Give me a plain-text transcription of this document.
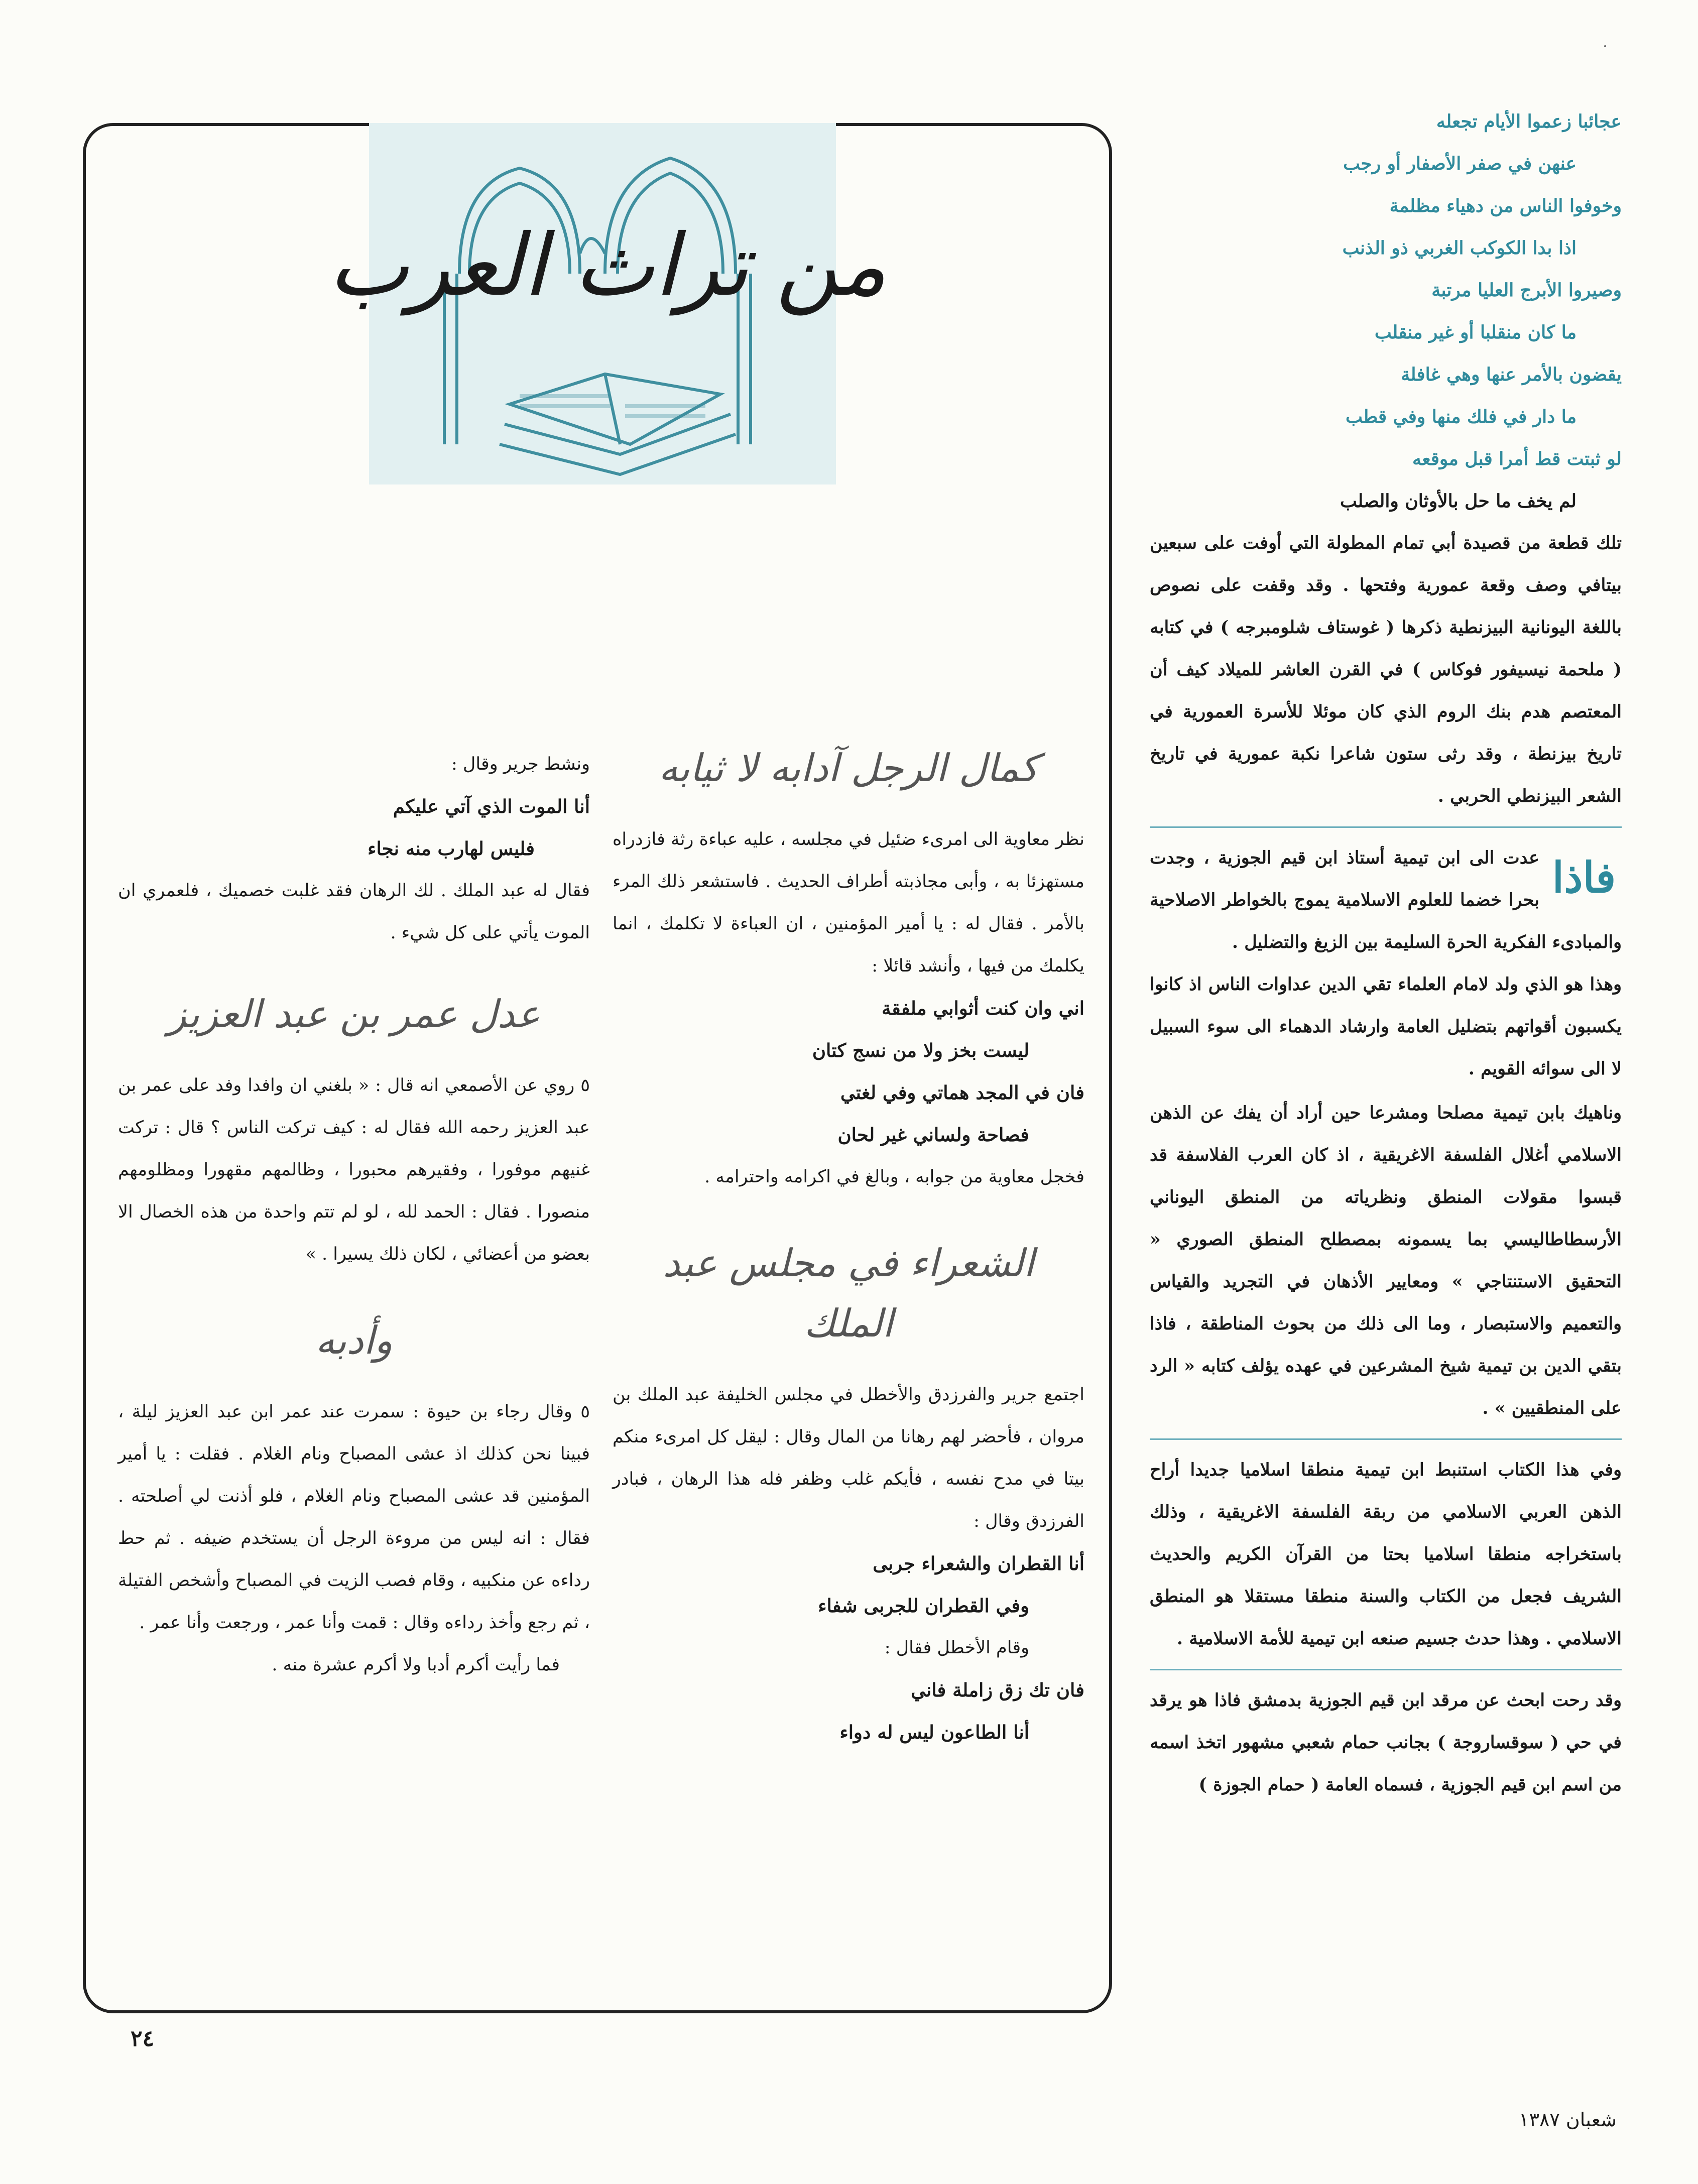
عجائبا زعموا الأيام تجعله
عنهن في صفر الأصفار أو رجب
وخوفوا الناس من دهياء مظلمة
اذا بدا الكوكب الغربي ذو الذنب
وصيروا الأبرج العليا مرتبة
ما كان منقلبا أو غير منقلب
يقضون بالأمر عنها وهي غافلة
ما دار في فلك منها وفي قطب
لو ثبتت قط أمرا قبل موقعه
لم يخف ما حل بالأوثان والصلب

تلك قطعة من قصيدة أبي تمام المطولة التي أوفت على سبعين بيتافي وصف وقعة عمورية وفتحها . وقد وقفت على نصوص باللغة اليونانية البيزنطية ذكرها ( غوستاف شلومبرجه ) في كتابه ( ملحمة نيسيفور فوكاس ) في القرن العاشر للميلاد كيف أن المعتصم هدم بنك الروم الذي كان موئلا للأسرة العمورية في تاريخ بيزنطة ، وقد رثى ستون شاعرا نكبة عمورية في تاريخ الشعر البيزنطي الحربي .

فاذا

عدت الى ابن تيمية أستاذ ابن قيم الجوزية ، وجدت بحرا خضما للعلوم الاسلامية يموج بالخواطر الاصلاحية والمبادىء الفكرية الحرة السليمة بين الزيغ والتضليل .

وهذا هو الذي ولد لامام العلماء تقي الدين عداوات الناس اذ كانوا يكسبون أقواتهم بتضليل العامة وارشاد الدهماء الى سوء السبيل لا الى سوائه القويم .

وناهيك بابن تيمية مصلحا ومشرعا حين أراد أن يفك عن الذهن الاسلامي أغلال الفلسفة الاغريقية ، اذ كان العرب الفلاسفة قد قبسوا مقولات المنطق ونظرياته من المنطق اليوناني الأرسطاطاليسي بما يسمونه بمصطلح المنطق الصوري « التحقيق الاستنتاجي » ومعايير الأذهان في التجريد والقياس والتعميم والاستبصار ، وما الى ذلك من بحوث المناطقة ، فاذا بتقي الدين بن تيمية شيخ المشرعين في عهده يؤلف كتابه « الرد على المنطقيين » .

وفي هذا الكتاب استنبط ابن تيمية منطقا اسلاميا جديدا أراح الذهن العربي الاسلامي من ربقة الفلسفة الاغريقية ، وذلك باستخراجه منطقا اسلاميا بحتا من القرآن الكريم والحديث الشريف فجعل من الكتاب والسنة منطقا مستقلا هو المنطق الاسلامي . وهذا حدث جسيم صنعه ابن تيمية للأمة الاسلامية .

وقد رحت ابحث عن مرقد ابن قيم الجوزية بدمشق فاذا هو يرقد في حي ( سوقساروجة ) بجانب حمام شعبي مشهور اتخذ اسمه من اسم ابن قيم الجوزية ، فسماه العامة ( حمام الجوزة )

من تراث العرب
كمال الرجل آدابه لا ثيابه

نظر معاوية الى امرىء ضئيل في مجلسه ، عليه عباءة رثة فازدراه مستهزئا به ، وأبى مجاذبته أطراف الحديث . فاستشعر ذلك المرء بالأمر . فقال له : يا أمير المؤمنين ، ان العباءة لا تكلمك ، انما يكلمك من فيها ، وأنشد قائلا :

اني وان كنت أثوابي ملفقة

ليست بخز ولا من نسج كتان

فان في المجد هماتي وفي لغتي

فصاحة ولساني غير لحان

فخجل معاوية من جوابه ، وبالغ في اكرامه واحترامه .

الشعراء في مجلس عبد الملك

اجتمع جرير والفرزدق والأخطل في مجلس الخليفة عبد الملك بن مروان ، فأحضر لهم رهانا من المال وقال : ليقل كل امرىء منكم بيتا في مدح نفسه ، فأيكم غلب وظفر فله هذا الرهان ، فبادر الفرزدق وقال :

أنا القطران والشعراء جربى

وفي القطران للجربى شفاء

وقام الأخطل فقال :

فان تك زق زاملة فاني

أنا الطاعون ليس له دواء

ونشط جرير وقال :

أنا الموت الذي آتي عليكم

فليس لهارب منه نجاء

فقال له عبد الملك . لك الرهان فقد غلبت خصميك ، فلعمري ان الموت يأتي على كل شيء .

عدل عمر بن عبد العزيز

٥ روي عن الأصمعي انه قال : « بلغني ان وافدا وفد على عمر بن عبد العزيز رحمه الله فقال له : كيف تركت الناس ؟ قال : تركت غنيهم موفورا ، وفقيرهم محبورا ، وظالمهم مقهورا ومظلومهم منصورا . فقال : الحمد لله ، لو لم تتم واحدة من هذه الخصال الا بعضو من أعضائي ، لكان ذلك يسيرا . »

وأدبه

٥ وقال رجاء بن حيوة : سمرت عند عمر ابن عبد العزيز ليلة ، فبينا نحن كذلك اذ عشى المصباح ونام الغلام . فقلت : يا أمير المؤمنين قد عشى المصباح ونام الغلام ، فلو أذنت لي أصلحته . فقال : انه ليس من مروءة الرجل أن يستخدم ضيفه . ثم حط رداءه عن منكبيه ، وقام فصب الزيت في المصباح وأشخص الفتيلة ، ثم رجع وأخذ رداءه وقال : قمت وأنا عمر ، ورجعت وأنا عمر .

فما رأيت أكرم أدبا ولا أكرم عشرة منه .

٢٤
شعبان ١٣٨٧
